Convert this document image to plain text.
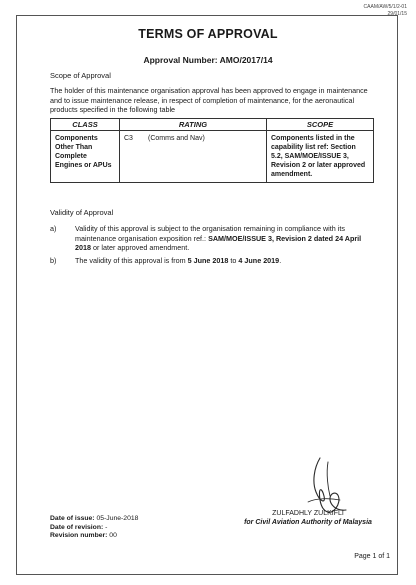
CAAM/AW/5/1/2-01
29/01/15
TERMS OF APPROVAL
Approval Number: AMO/2017/14
Scope of Approval
The holder of this maintenance organisation approval has been approved to engage in maintenance and to issue maintenance release, in respect of completion of maintenance, for the aeronautical products specified in the following table
CLASS	RATING	SCOPE
Components Other Than Complete Engines or APUs	C3 (Comms and Nav)	Components listed in the capability list ref: Section 5.2, SAM/MOE/ISSUE 3, Revision 2 or later approved amendment.
Validity of Approval
a)	Validity of this approval is subject to the organisation remaining in compliance with its maintenance organisation exposition ref.: SAM/MOE/ISSUE 3, Revision 2 dated 24 April 2018 or later approved amendment.
b)	The validity of this approval is from 5 June 2018 to 4 June 2019.
ZULFADHLY ZULKIFLI
for Civil Aviation Authority of Malaysia
Date of issue: 05-June-2018
Date of revision: -
Revision number: 00
Page 1 of 1
